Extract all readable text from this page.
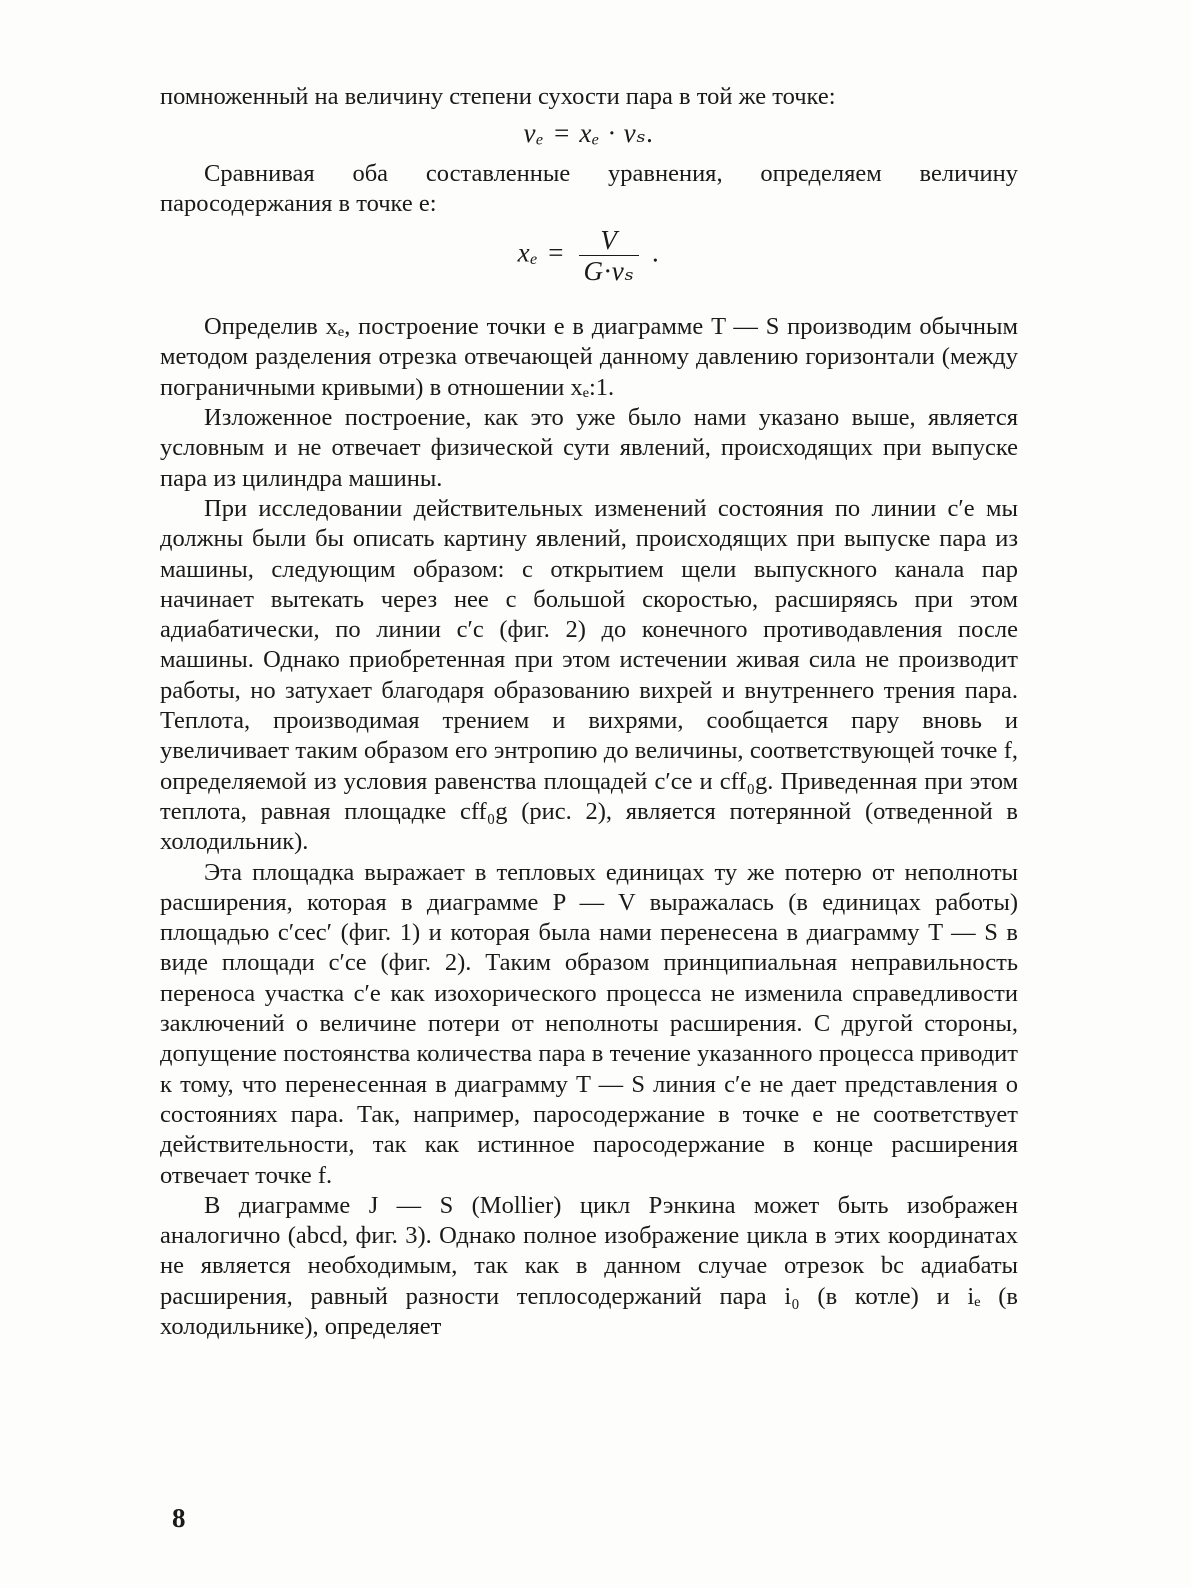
помноженный на величину степени сухости пара в той же точке:

vₑ = xₑ · vₛ.

Сравнивая оба составленные уравнения, определяем величину паросодержания в точке e:

$x_e = \frac{V}{\text{G·vₛ}}$ .

Определив xₑ, построение точки e в диаграмме T — S производим обычным методом разделения отрезка отвечающей данному давлению горизонтали (между пограничными кривыми) в отношении xₑ:1.

Изложенное построение, как это уже было нами указано выше, является условным и не отвечает физической сути явлений, происходящих при выпуске пара из цилиндра машины.

При исследовании действительных изменений состояния по линии c′e мы должны были бы описать картину явлений, происходящих при выпуске пара из машины, следующим образом: с открытием щели выпускного канала пар начинает вытекать через нее с большой скоростью, расширяясь при этом адиабатически, по линии c′c (фиг. 2) до конечного противодавления после машины. Однако приобретенная при этом истечении живая сила не производит работы, но затухает благодаря образованию вихрей и внутреннего трения пара. Теплота, производимая трением и вихрями, сообщается пару вновь и увеличивает таким образом его энтропию до величины, соответствующей точке f, определяемой из условия равенства площадей c′ce и cff₀g. Приведенная при этом теплота, равная площадке cff₀g (рис. 2), является потерянной (отведенной в холодильник).

Эта площадка выражает в тепловых единицах ту же потерю от неполноты расширения, которая в диаграмме P — V выражалась (в единицах работы) площадью c′cec′ (фиг. 1) и которая была нами перенесена в диаграмму T — S в виде площади c′ce (фиг. 2). Таким образом принципиальная неправильность переноса участка c′e как изохорического процесса не изменила справедливости заключений о величине потери от неполноты расширения. С другой стороны, допущение постоянства количества пара в течение указанного процесса приводит к тому, что перенесенная в диаграмму T — S линия c′e не дает представления о состояниях пара. Так, например, паросодержание в точке e не соответствует действительности, так как истинное паросодержание в конце расширения отвечает точке f.

В диаграмме J — S (Mollier) цикл Рэнкина может быть изображен аналогично (abcd, фиг. 3). Однако полное изображение цикла в этих координатах не является необходимым, так как в данном случае отрезок bc адиабаты расширения, равный разности теплосодержаний пара i₀ (в котле) и iₑ (в холодильнике), определяет

8
